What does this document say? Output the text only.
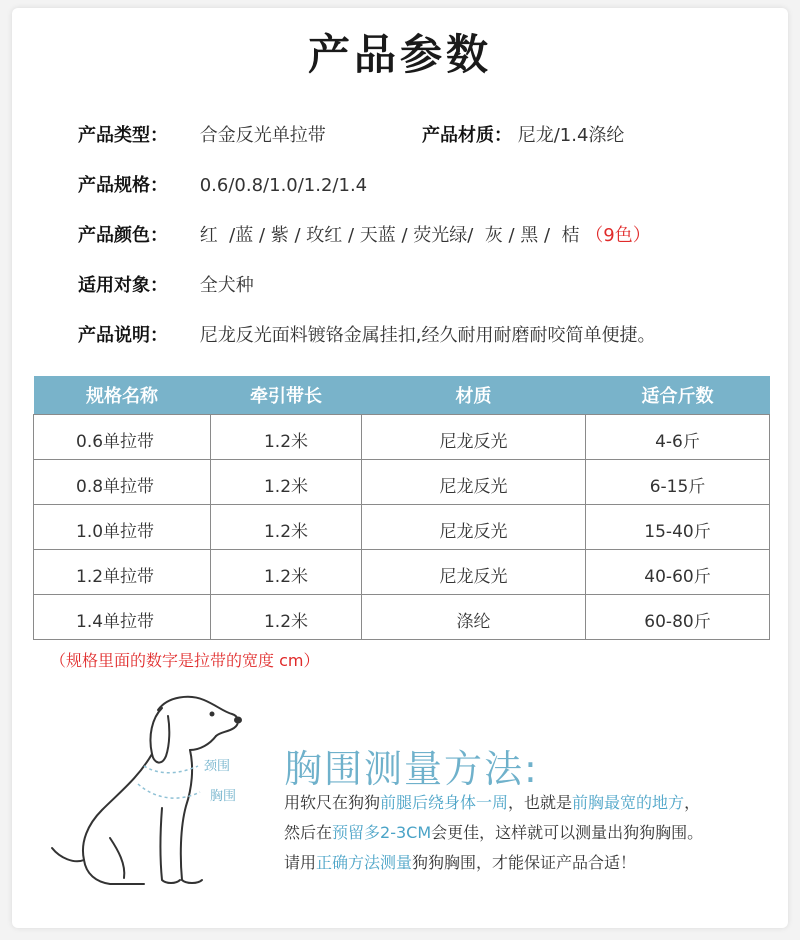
产品参数
产品类型： 合金反光单拉带	产品材质： 尼龙/1.4涤纶
产品规格： 0.6/0.8/1.0/1.2/1.4
产品颜色： 红  /蓝 / 紫 / 玫红 / 天蓝 / 荧光绿/  灰 / 黑 /  桔 （9色）
适用对象： 全犬种
产品说明： 尼龙反光面料镀铬金属挂扣,经久耐用耐磨耐咬简单便捷。
规格名称	牵引带长	材质	适合斤数
0.6单拉带	1.2米	尼龙反光	4-6斤
0.8单拉带	1.2米	尼龙反光	6-15斤
1.0单拉带	1.2米	尼龙反光	15-40斤
1.2单拉带	1.2米	尼龙反光	40-60斤
1.4单拉带	1.2米	涤纶	60-80斤
（规格里面的数字是拉带的宽度 cm）
颈围
胸围
胸围测量方法:
用软尺在狗狗前腿后绕身体一周，也就是前胸最宽的地方，
然后在预留多2-3CM会更佳，这样就可以测量出狗狗胸围。
请用正确方法测量狗狗胸围，才能保证产品合适！
